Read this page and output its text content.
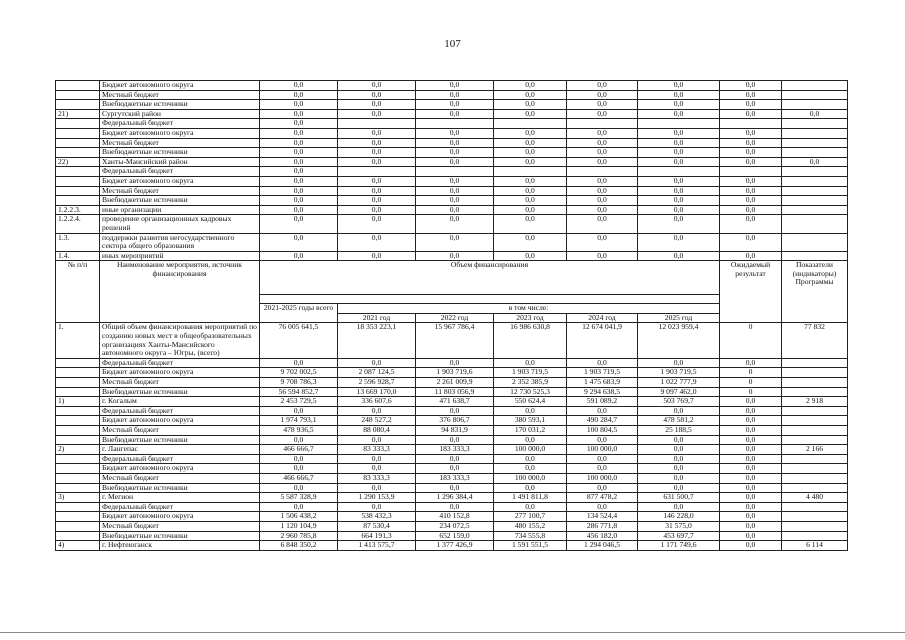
107
	Бюджет автономного округа	0,0	0,0	0,0	0,0	0,0	0,0	0,0	
	Местный бюджет	0,0	0,0	0,0	0,0	0,0	0,0	0,0	
	Внебюджетные источники	0,0	0,0	0,0	0,0	0,0	0,0	0,0	
21)	Сургутский район	0,0	0,0	0,0	0,0	0,0	0,0	0,0	0,0
	Федеральный бюджет	0,0							
	Бюджет автономного округа	0,0	0,0	0,0	0,0	0,0	0,0	0,0	
	Местный бюджет	0,0	0,0	0,0	0,0	0,0	0,0	0,0	
	Внебюджетные источники	0,0	0,0	0,0	0,0	0,0	0,0	0,0	
22)	Ханты-Мансийский район	0,0	0,0	0,0	0,0	0,0	0,0	0,0	0,0
	Федеральный бюджет	0,0							
	Бюджет автономного округа	0,0	0,0	0,0	0,0	0,0	0,0	0,0	
	Местный бюджет	0,0	0,0	0,0	0,0	0,0	0,0	0,0	
	Внебюджетные источники	0,0	0,0	0,0	0,0	0,0	0,0	0,0	
1.2.2.3.	иные организации	0,0	0,0	0,0	0,0	0,0	0,0	0,0	
1.2.2.4.	проведение организационных кадровых решений	0,0	0,0	0,0	0,0	0,0	0,0	0,0	
1.3.	поддержки развития негосударственного сектора общего образования	0,0	0,0	0,0	0,0	0,0	0,0	0,0	
1.4.	иных мероприятий	0,0	0,0	0,0	0,0	0,0	0,0	0,0	
№ п/п	Наименование мероприятия, источник финансирования	Объем финансирования						Ожидаемый результат	Показатели (индикаторы) Программы

		2021-2025 годы всего	в том числе:						
			2021 год	2022 год	2023 год	2024 год	2025 год		
1.	Общий объем финансирования мероприятий по созданию новых мест в общеобразовательных организациях Ханты-Мансийского автономного округа – Югры, (всего)	76 005 641,5	18 353 223,1	15 967 786,4	16 986 630,8	12 674 041,9	12 023 959,4	0	77 832
	Федеральный бюджет	0,0	0,0	0,0	0,0	0,0	0,0	0,0	
	Бюджет автономного округа	9 702 002,5	2 087 124,5	1 903 719,6	1 903 719,5	1 903 719,5	1 903 719,5	0	
	Местный бюджет	9 708 786,3	2 596 928,7	2 261 009,9	2 352 385,9	1 475 683,9	1 022 777,9	0	
	Внебюджетные источники	56 594 852,7	13 669 170,0	11 803 056,9	12 730 525,3	9 294 638,5	9 097 462,0	0	
1)	г. Когалым	2 453 729,5	336 607,6	471 638,7	550 624,4	591 089,2	503 769,7	0,0	2 918
	Федеральный бюджет	0,0	0,0	0,0	0,0	0,0	0,0	0,0	
	Бюджет автономного округа	1 974 793,1	248 527,2	376 806,7	380 593,1	490 284,7	478 581,2	0,0	
	Местный бюджет	478 936,5	88 080,4	94 831,9	170 031,2	100 804,5	25 188,5	0,0	
	Внебюджетные источники	0,0	0,0	0,0	0,0	0,0	0,0	0,0	
2)	г. Лангепас	466 666,7	83 333,3	183 333,3	100 000,0	100 000,0	0,0	0,0	2 166
	Федеральный бюджет	0,0	0,0	0,0	0,0	0,0	0,0	0,0	
	Бюджет автономного округа	0,0	0,0	0,0	0,0	0,0	0,0	0,0	
	Местный бюджет	466 666,7	83 333,3	183 333,3	100 000,0	100 000,0	0,0	0,0	
	Внебюджетные источники	0,0	0,0	0,0	0,0	0,0	0,0	0,0	
3)	г. Мегион	5 587 328,9	1 290 153,9	1 296 384,4	1 491 811,8	877 478,2	631 500,7	0,0	4 480
	Федеральный бюджет	0,0	0,0	0,0	0,0	0,0	0,0	0,0	
	Бюджет автономного округа	1 506 438,2	538 432,3	410 152,8	277 100,7	134 524,4	146 228,0	0,0	
	Местный бюджет	1 120 104,9	87 530,4	234 072,5	480 155,2	286 771,8	31 575,0	0,0	
	Внебюджетные источники	2 960 785,8	664 191,3	652 159,0	734 555,8	456 182,0	453 697,7	0,0	
4)	г. Нефтеюганск	6 848 350,2	1 413 575,7	1 377 426,9	1 591 551,5	1 294 046,5	1 171 749,6	0,0	6 114
